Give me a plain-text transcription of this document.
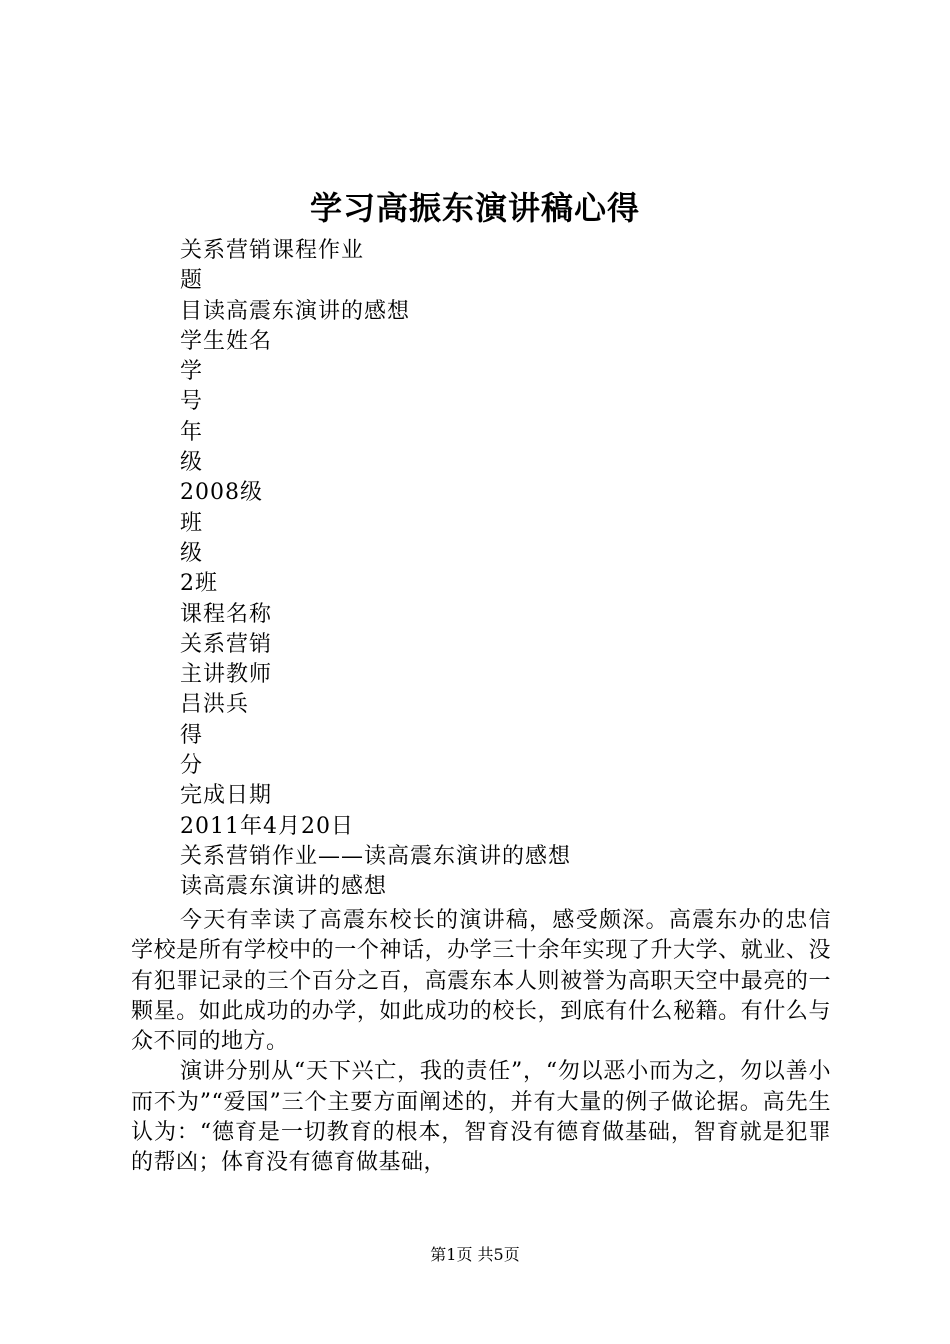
学习高振东演讲稿心得
关系营销课程作业
题
目读高震东演讲的感想
学生姓名
学
号
年
级
2008级
班
级
2班
课程名称
关系营销
主讲教师
吕洪兵
得
分
完成日期
2011年4月20日
关系营销作业——读高震东演讲的感想
读高震东演讲的感想

今天有幸读了高震东校长的演讲稿，感受颇深。高震东办的忠信学校是所有学校中的一个神话，办学三十余年实现了升大学、就业、没有犯罪记录的三个百分之百，高震东本人则被誉为高职天空中最亮的一颗星。如此成功的办学，如此成功的校长，到底有什么秘籍。有什么与众不同的地方。

演讲分别从“天下兴亡，我的责任”，“勿以恶小而为之，勿以善小而不为”“爱国”三个主要方面阐述的，并有大量的例子做论据。高先生认为：“德育是一切教育的根本，智育没有德育做基础，智育就是犯罪的帮凶；体育没有德育做基础，

第1页 共5页
